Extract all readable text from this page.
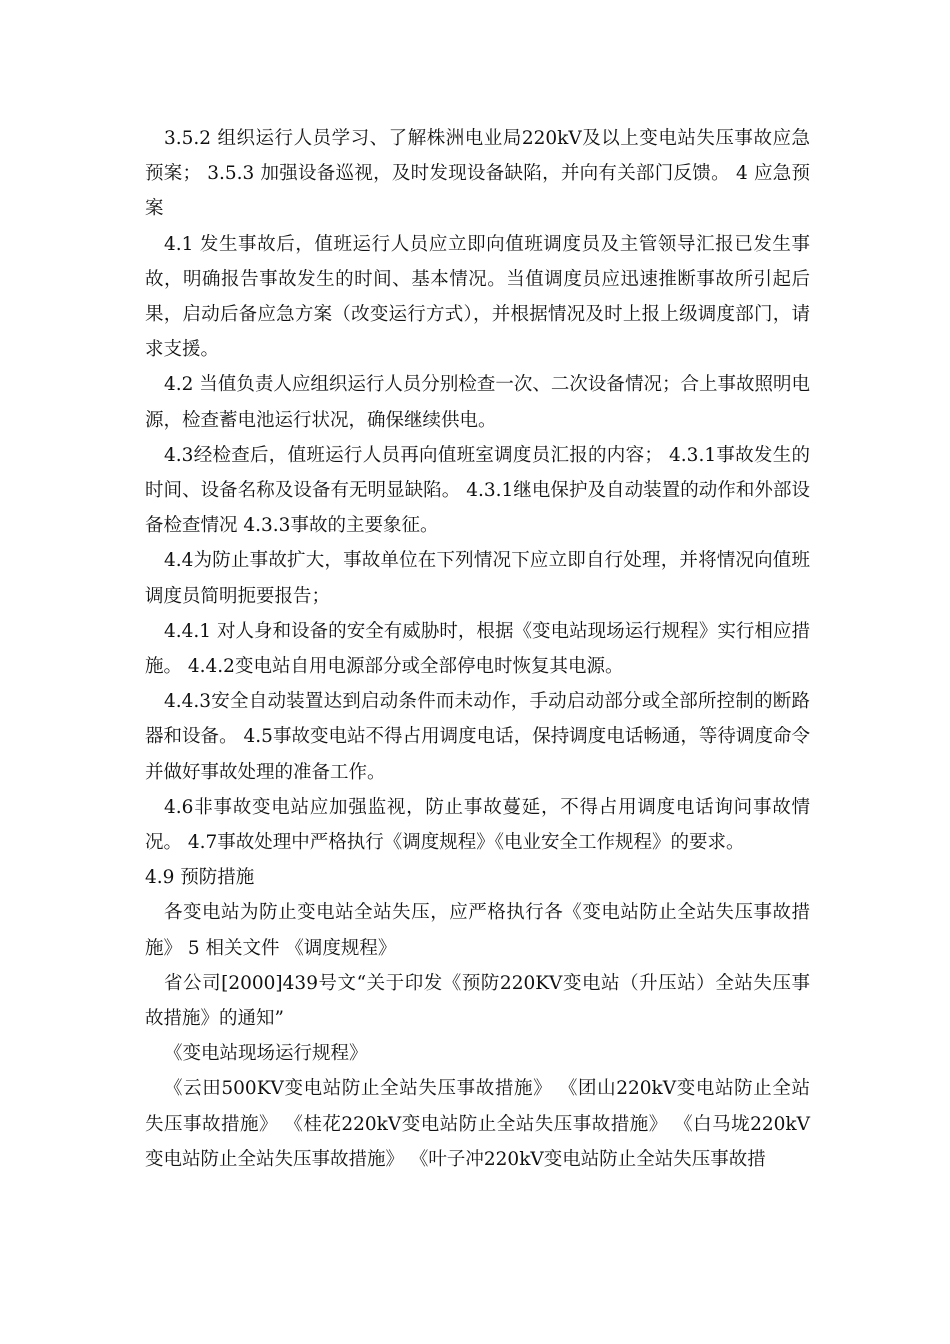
3.5.2 组织运行人员学习、了解株洲电业局220kV及以上变电站失压事故应急预案； 3.5.3 加强设备巡视，及时发现设备缺陷，并向有关部门反馈。 4 应急预案

4.1 发生事故后，值班运行人员应立即向值班调度员及主管领导汇报已发生事故，明确报告事故发生的时间、基本情况。当值调度员应迅速推断事故所引起后果，启动后备应急方案（改变运行方式），并根据情况及时上报上级调度部门，请求支援。

4.2 当值负责人应组织运行人员分别检查一次、二次设备情况；合上事故照明电源，检查蓄电池运行状况，确保继续供电。

4.3经检查后，值班运行人员再向值班室调度员汇报的内容； 4.3.1事故发生的时间、设备名称及设备有无明显缺陷。 4.3.1继电保护及自动装置的动作和外部设备检查情况 4.3.3事故的主要象征。

4.4为防止事故扩大，事故单位在下列情况下应立即自行处理，并将情况向值班调度员简明扼要报告；

4.4.1 对人身和设备的安全有威胁时，根据《变电站现场运行规程》实行相应措施。 4.4.2变电站自用电源部分或全部停电时恢复其电源。

4.4.3安全自动装置达到启动条件而未动作，手动启动部分或全部所控制的断路器和设备。 4.5事故变电站不得占用调度电话，保持调度电话畅通，等待调度命令并做好事故处理的准备工作。

4.6非事故变电站应加强监视，防止事故蔓延，不得占用调度电话询问事故情况。 4.7事故处理中严格执行《调度规程》《电业安全工作规程》的要求。

4.9 预防措施

各变电站为防止变电站全站失压，应严格执行各《变电站防止全站失压事故措施》 5 相关文件 《调度规程》

省公司[2000]439号文“关于印发《预防220KV变电站（升压站）全站失压事故措施》的通知”

《变电站现场运行规程》

《云田500KV变电站防止全站失压事故措施》 《团山220kV变电站防止全站失压事故措施》 《桂花220kV变电站防止全站失压事故措施》 《白马垅220kV变电站防止全站失压事故措施》 《叶子冲220kV变电站防止全站失压事故措
